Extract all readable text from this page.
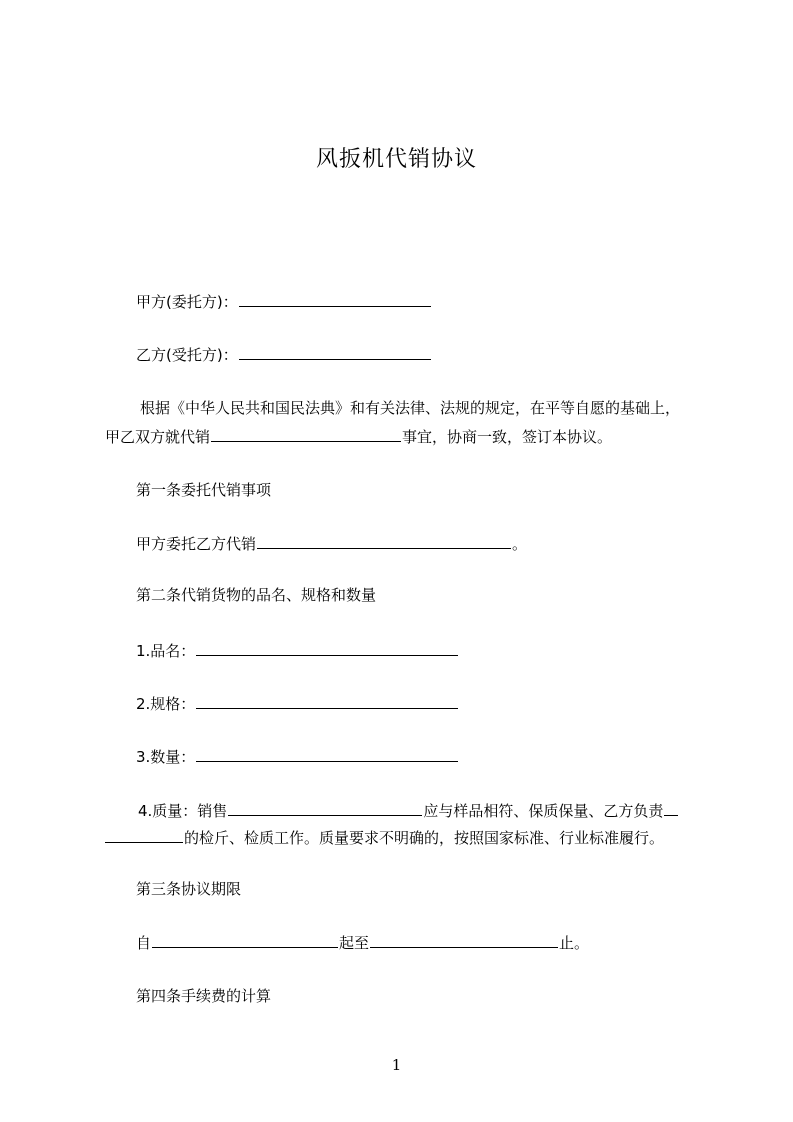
风扳机代销协议
甲方(委托方)：
乙方(受托方)：
根据《中华人民共和国民法典》和有关法律、法规的规定，在平等自愿的基础上，
甲乙双方就代销	事宜，协商一致，签订本协议。
第一条委托代销事项
甲方委托乙方代销	。
第二条代销货物的品名、规格和数量
1.品名：
2.规格：
3.数量：
4.质量：销售	应与样品相符、保质保量、乙方负责
的检斤、检质工作。质量要求不明确的，按照国家标准、行业标准履行。
第三条协议期限
自	起至	止。
第四条手续费的计算
1
